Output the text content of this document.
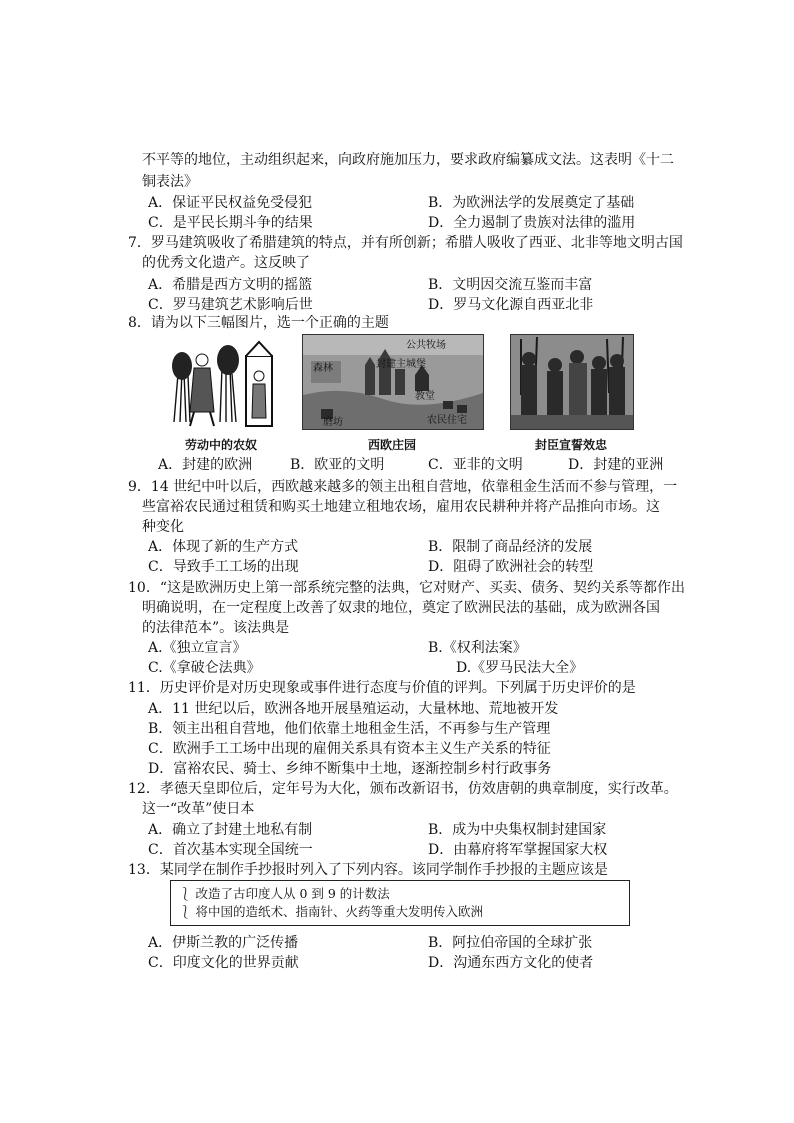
不平等的地位，主动组织起来，向政府施加压力，要求政府编纂成文法。这表明《十二
铜表法》
A．保证平民权益免受侵犯	B．为欧洲法学的发展奠定了基础
C．是平民长期斗争的结果	D．全力遏制了贵族对法律的滥用
7．罗马建筑吸收了希腊建筑的特点，并有所创新；希腊人吸收了西亚、北非等地文明古国
的优秀文化遗产。这反映了
A．希腊是西方文明的摇篮	B．文明因交流互鉴而丰富
C．罗马建筑艺术影响后世	D．罗马文化源自西亚北非
8．请为以下三幅图片，选一个正确的主题
劳动中的农奴
公共牧场
森林	封建主城堡
教堂
磨坊	农民住宅
西欧庄园	封臣宣誓效忠
A．封建的欧洲	B．欧亚的文明	C．亚非的文明	D．封建的亚洲
9．14 世纪中叶以后，西欧越来越多的领主出租自营地，依靠租金生活而不参与管理，一
些富裕农民通过租赁和购买土地建立租地农场，雇用农民耕种并将产品推向市场。这
种变化
A．体现了新的生产方式	B．限制了商品经济的发展
C．导致手工工场的出现	D．阻碍了欧洲社会的转型
10．“这是欧洲历史上第一部系统完整的法典，它对财产、买卖、债务、契约关系等都作出
明确说明，在一定程度上改善了奴隶的地位，奠定了欧洲民法的基础，成为欧洲各国
的法律范本”。该法典是
A.《独立宣言》	B.《权利法案》
C.《拿破仑法典》	D.《罗马民法大全》
11．历史评价是对历史现象或事件进行态度与价值的评判。下列属于历史评价的是
A．11 世纪以后，欧洲各地开展垦殖运动，大量林地、荒地被开发
B．领主出租自营地，他们依靠土地租金生活，不再参与生产管理
C．欧洲手工工场中出现的雇佣关系具有资本主义生产关系的特征
D．富裕农民、骑士、乡绅不断集中土地，逐渐控制乡村行政事务
12．孝德天皇即位后，定年号为大化，颁布改新诏书，仿效唐朝的典章制度，实行改革。
这一“改革”使日本
A．确立了封建土地私有制	B．成为中央集权制封建国家
C．首次基本实现全国统一	D．由幕府将军掌握国家大权
13．某同学在制作手抄报时列入了下列内容。该同学制作手抄报的主题应该是
⎱ 改造了古印度人从 0 到 9 的计数法
⎱ 将中国的造纸术、指南针、火药等重大发明传入欧洲
A．伊斯兰教的广泛传播	B．阿拉伯帝国的全球扩张
C．印度文化的世界贡献	D．沟通东西方文化的使者
